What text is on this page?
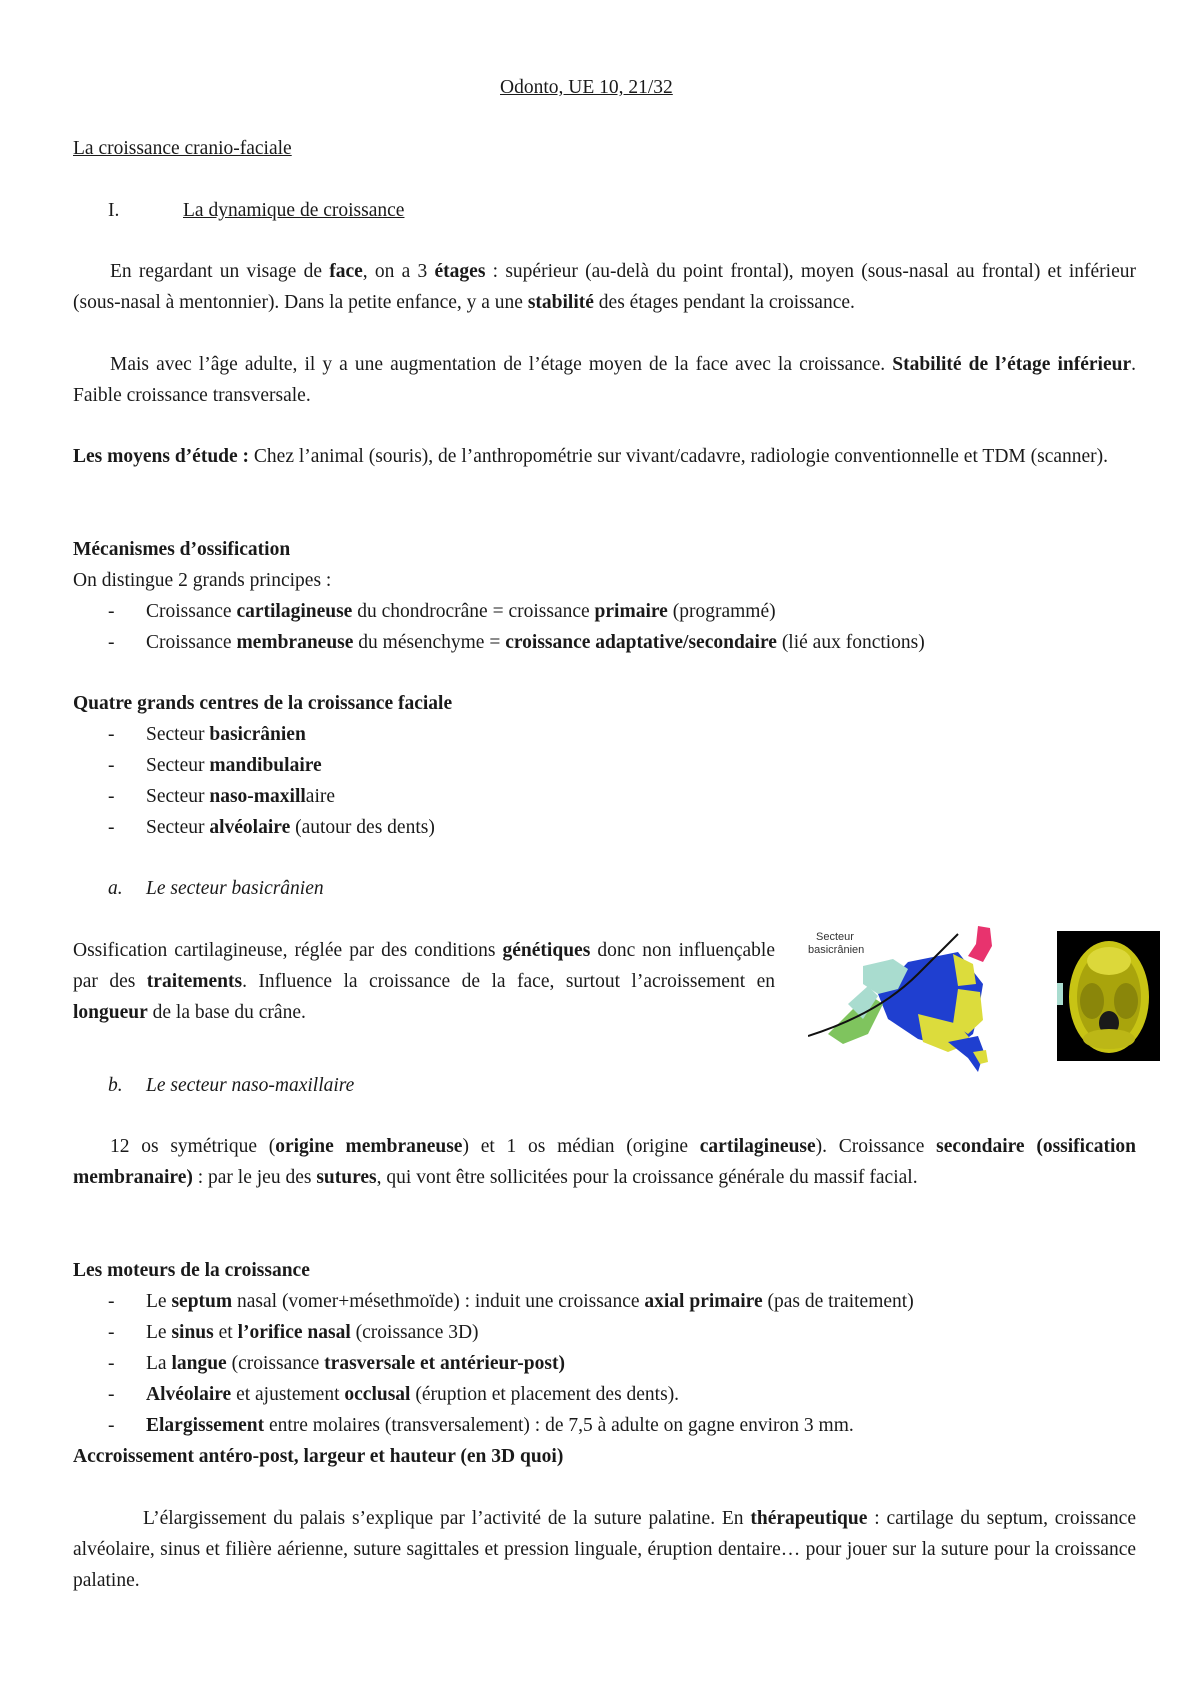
Odonto, UE 10, 21/32
La croissance cranio-faciale
I.	La dynamique de croissance
En regardant un visage de face, on a 3 étages : supérieur (au-delà du point frontal), moyen (sous-nasal au frontal) et inférieur (sous-nasal à mentonnier). Dans la petite enfance, y a une stabilité des étages pendant la croissance.
Mais avec l’âge adulte, il y a une augmentation de l’étage moyen de la face avec la croissance. Stabilité de l’étage inférieur. Faible croissance transversale.
Les moyens d’étude : Chez l’animal (souris), de l’anthropométrie sur vivant/cadavre, radiologie conventionnelle et TDM (scanner).
Mécanismes d’ossification
On distingue 2 grands principes :
- Croissance cartilagineuse du chondrocrâne = croissance primaire (programmé)
- Croissance membraneuse du mésenchyme = croissance adaptative/secondaire (lié aux fonctions)
Quatre grands centres de la croissance faciale
- Secteur basicrânien
- Secteur mandibulaire
- Secteur naso-maxillaire
- Secteur alvéolaire (autour des dents)
a. Le secteur basicrânien
Ossification cartilagineuse, réglée par des conditions génétiques donc non influençable par des traitements. Influence la croissance de la face, surtout l’acroissement en longueur de la base du crâne.
Secteur
basicrânien
b. Le secteur naso-maxillaire
12 os symétrique (origine membraneuse) et 1 os médian (origine cartilagineuse). Croissance secondaire (ossification membranaire) : par le jeu des sutures, qui vont être sollicitées pour la croissance générale du massif facial.
Les moteurs de la croissance
- Le septum nasal (vomer+mésethmoïde) : induit une croissance axial primaire (pas de traitement)
- Le sinus et l’orifice nasal (croissance 3D)
- La langue (croissance trasversale et antérieur-post)
- Alvéolaire et ajustement occlusal (éruption et placement des dents).
- Elargissement entre molaires (transversalement) : de 7,5 à adulte on gagne environ 3 mm.
Accroissement antéro-post, largeur et hauteur (en 3D quoi)
L’élargissement du palais s’explique par l’activité de la suture palatine. En thérapeutique : cartilage du septum, croissance alvéolaire, sinus et filière aérienne, suture sagittales et pression linguale, éruption dentaire… pour jouer sur la suture pour la croissance palatine.
